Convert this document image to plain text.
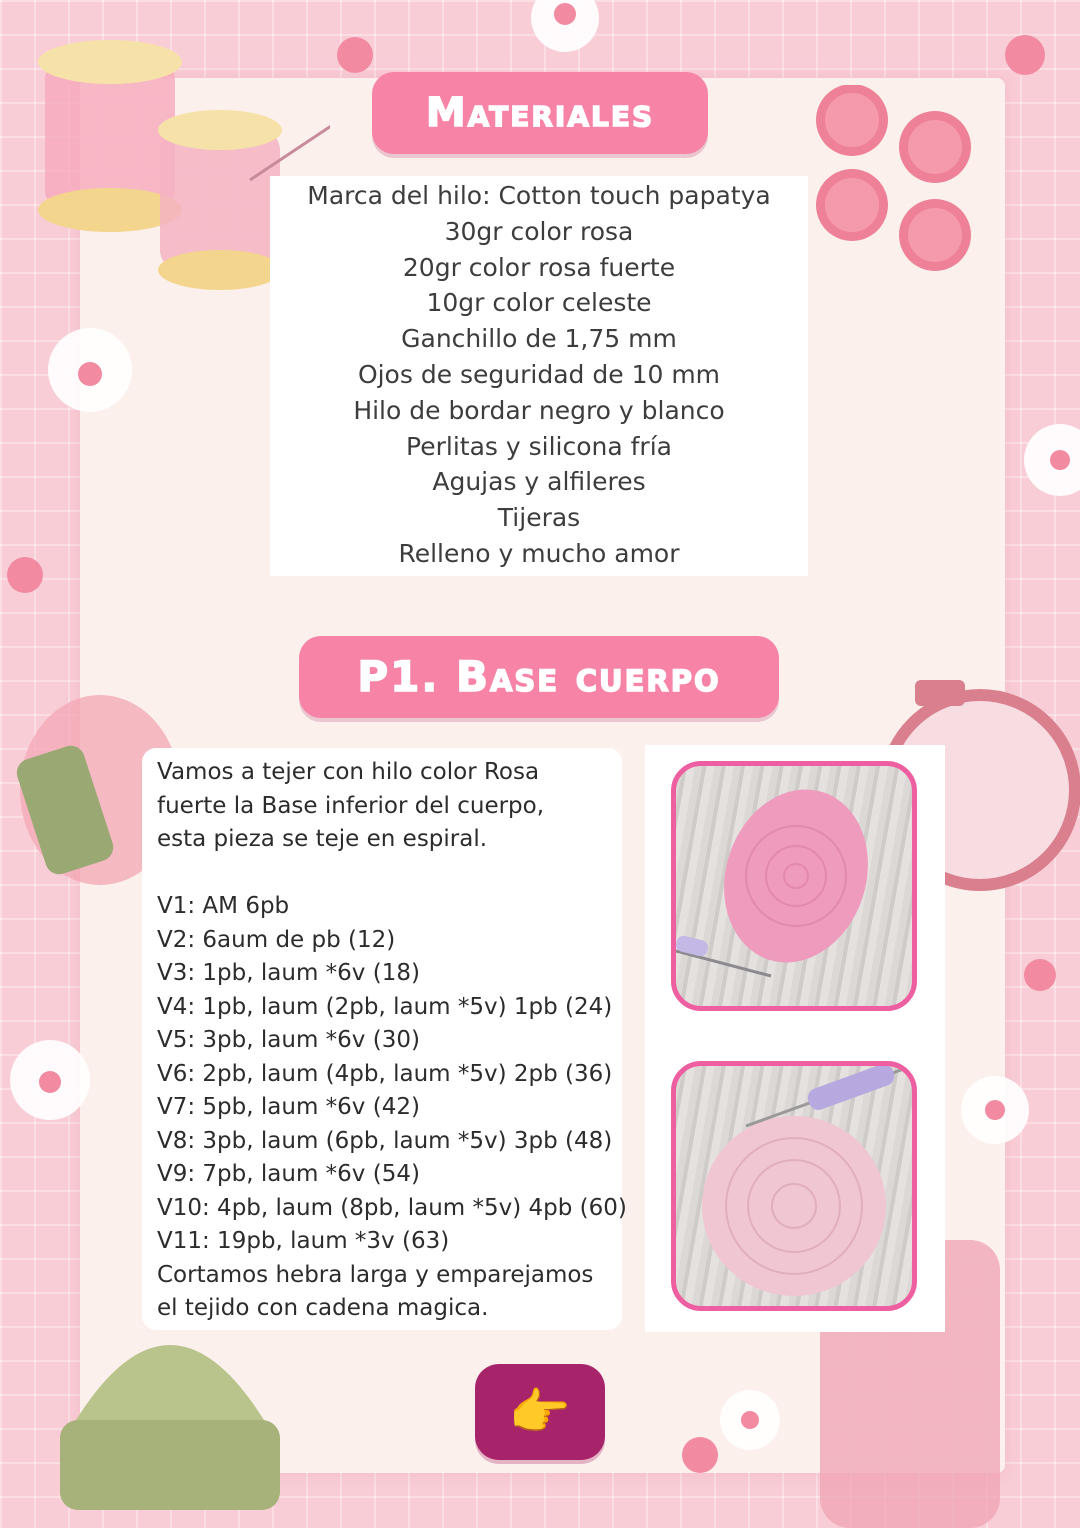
Materiales
Marca del hilo: Cotton touch papatya
30gr color rosa
20gr color rosa fuerte
10gr color celeste
Ganchillo de 1,75 mm
Ojos de seguridad de 10 mm
Hilo de bordar negro y blanco
Perlitas y silicona fría
Agujas y alfileres
Tijeras
Relleno y mucho amor
P1. Base cuerpo

Vamos a tejer con hilo color Rosa

fuerte la Base inferior del cuerpo,

esta pieza se teje en espiral.

V1: AM 6pb

V2: 6aum de pb (12)

V3: 1pb, laum *6v (18)

V4: 1pb, laum (2pb, laum *5v) 1pb (24)

V5: 3pb, laum *6v (30)

V6: 2pb, laum (4pb, laum *5v) 2pb (36)

V7: 5pb, laum *6v (42)

V8: 3pb, laum (6pb, laum *5v) 3pb (48)

V9: 7pb, laum *6v (54)

V10: 4pb, laum (8pb, laum *5v) 4pb (60)

V11: 19pb, laum *3v (63)

Cortamos hebra larga y emparejamos

el tejido con cadena magica.

👉
